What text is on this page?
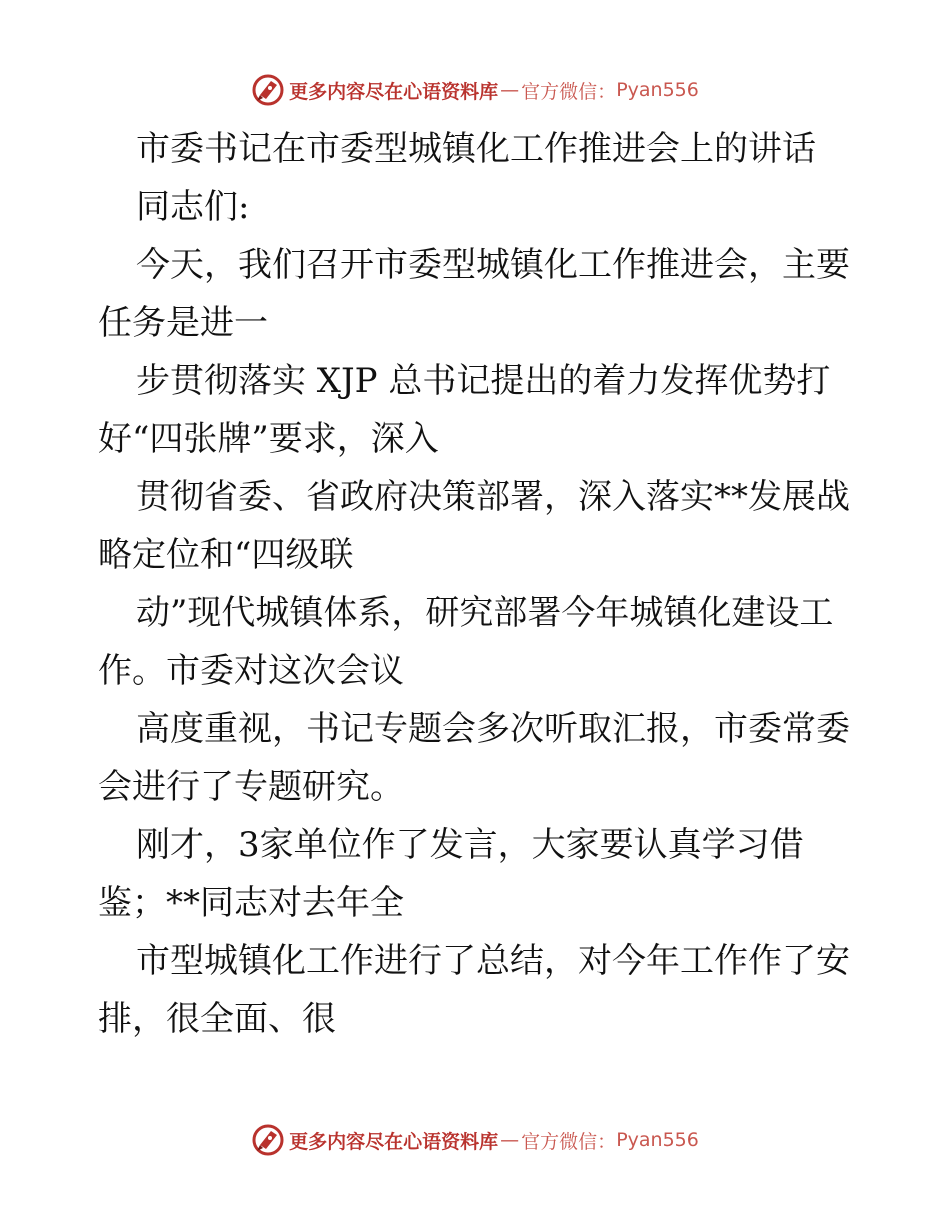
更多内容尽在心语资料库 — 官方微信： Pyan556

市委书记在市委型城镇化工作推进会上的讲话

同志们:

今天，我们召开市委型城镇化工作推进会，主要
任务是进一

步贯彻落实 XJP 总书记提出的着力发挥优势打
好“四张牌”要求，深入

贯彻省委、省政府决策部署，深入落实**发展战
略定位和“四级联

动”现代城镇体系，研究部署今年城镇化建设工
作。市委对这次会议

高度重视，书记专题会多次听取汇报，市委常委
会进行了专题研究。

刚才，3家单位作了发言，大家要认真学习借
鉴；**同志对去年全

市型城镇化工作进行了总结，对今年工作作了安
排，很全面、很

更多内容尽在心语资料库 — 官方微信： Pyan556
